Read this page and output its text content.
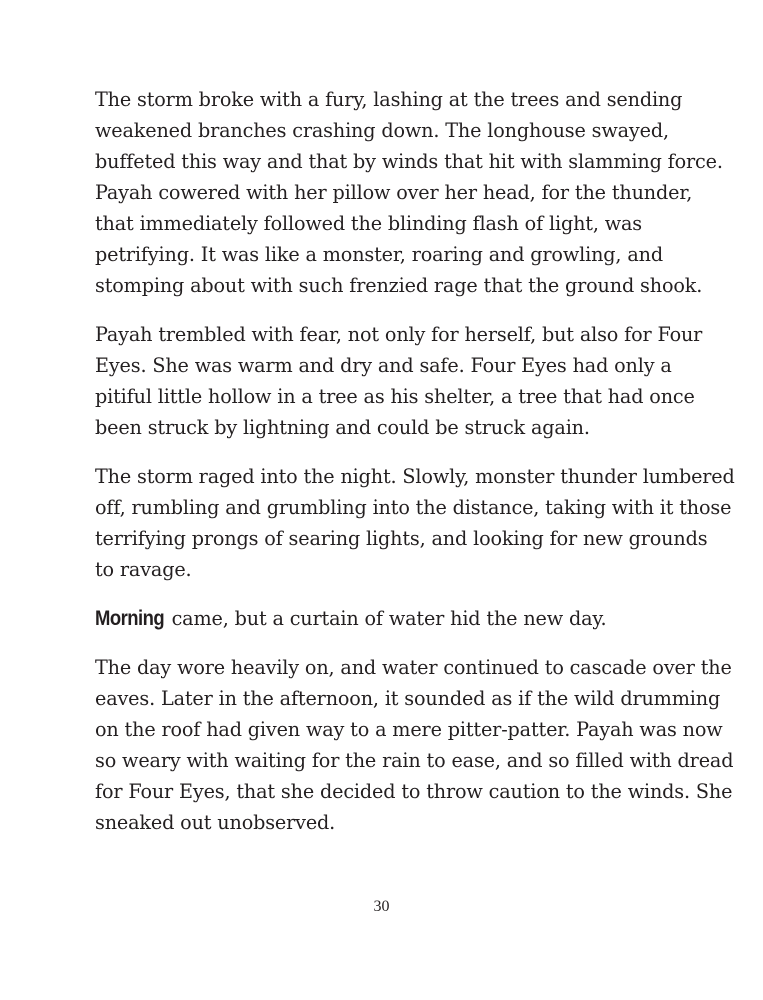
The storm broke with a fury, lashing at the trees and sending
weakened branches crashing down. The longhouse swayed,
buffeted this way and that by winds that hit with slamming force.
Payah cowered with her pillow over her head, for the thunder,
that immediately followed the blinding flash of light, was
petrifying. It was like a monster, roaring and growling, and
stomping about with such frenzied rage that the ground shook.

Payah trembled with fear, not only for herself, but also for Four
Eyes. She was warm and dry and safe. Four Eyes had only a
pitiful little hollow in a tree as his shelter, a tree that had once
been struck by lightning and could be struck again.

The storm raged into the night. Slowly, monster thunder lumbered
off, rumbling and grumbling into the distance, taking with it those
terrifying prongs of searing lights, and looking for new grounds
to ravage.

Morning came, but a curtain of water hid the new day.

The day wore heavily on, and water continued to cascade over the
eaves. Later in the afternoon, it sounded as if the wild drumming
on the roof had given way to a mere pitter-patter. Payah was now
so weary with waiting for the rain to ease, and so filled with dread
for Four Eyes, that she decided to throw caution to the winds. She
sneaked out unobserved.

30
